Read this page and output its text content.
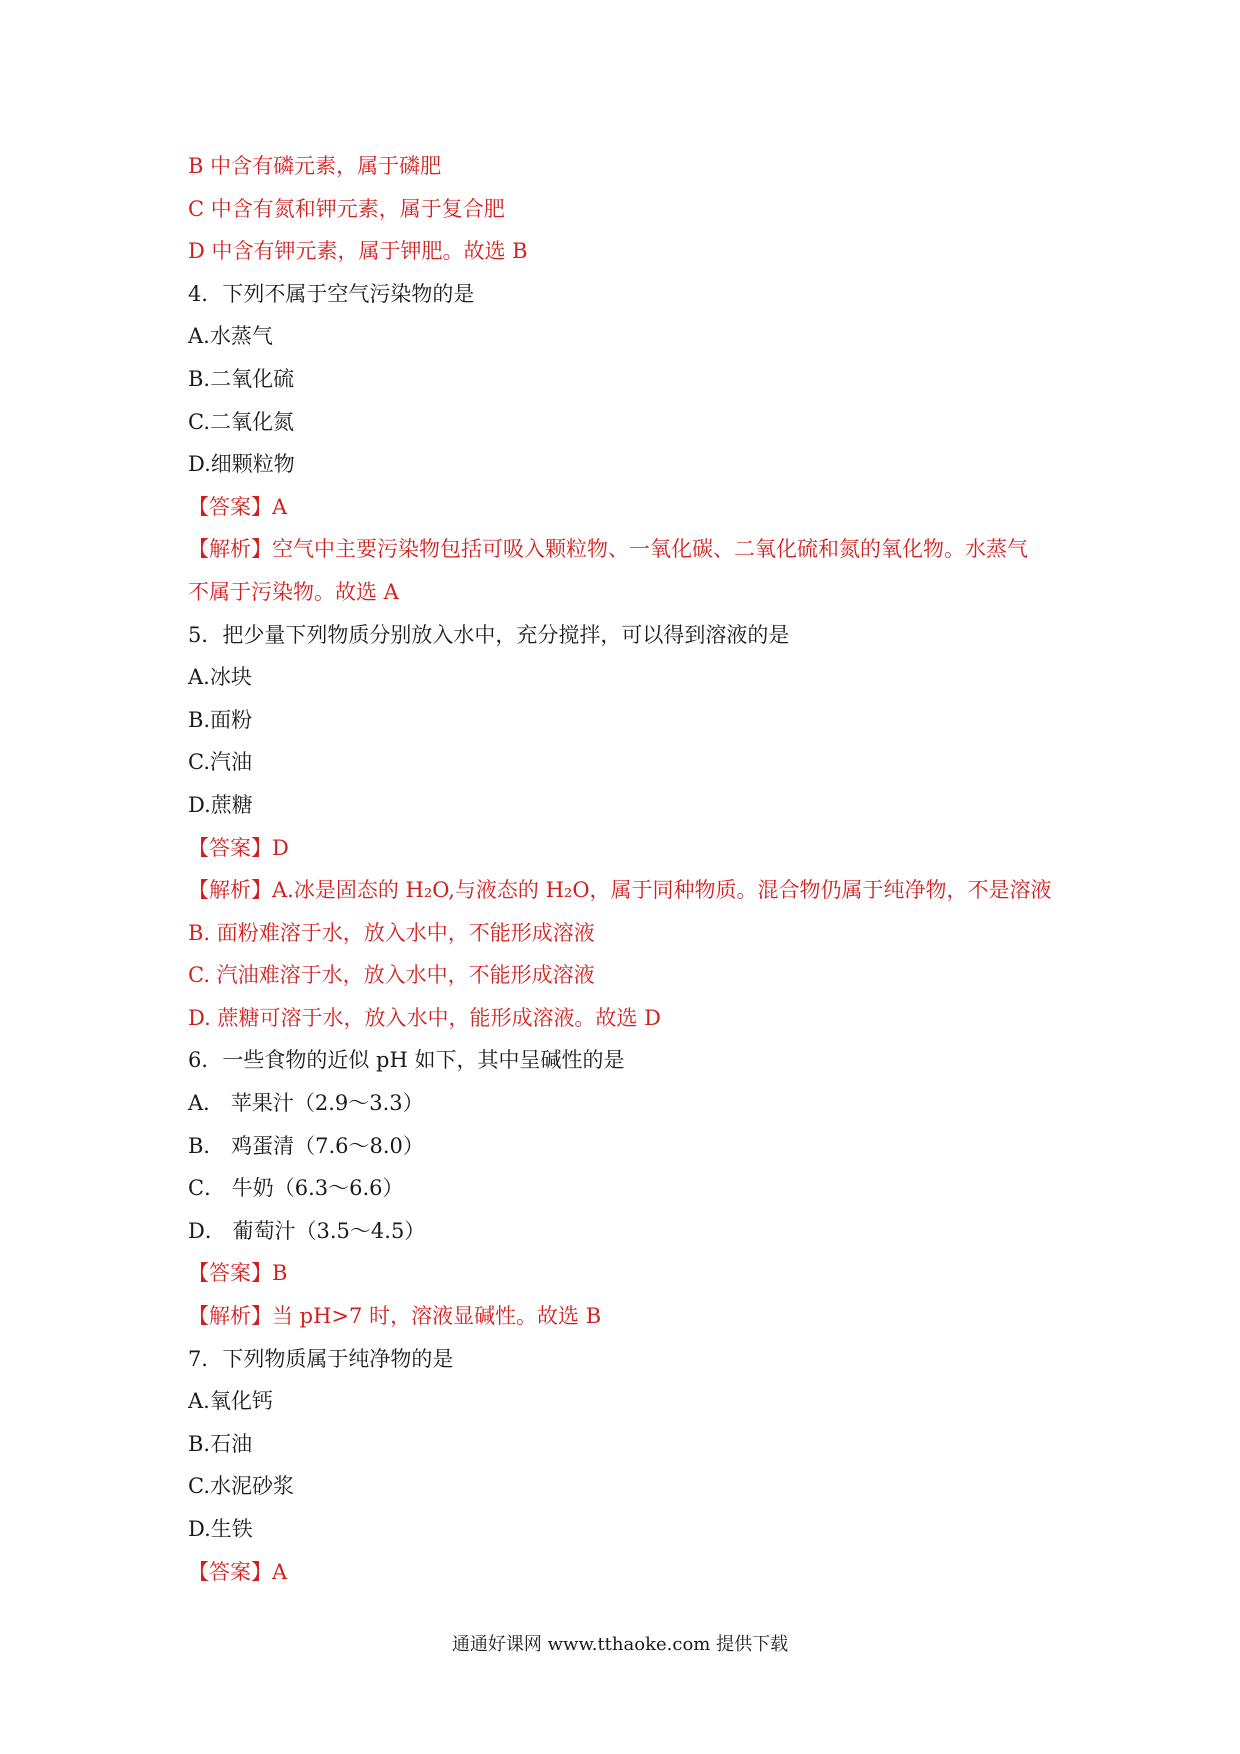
B 中含有磷元素，属于磷肥
C 中含有氮和钾元素，属于复合肥
D 中含有钾元素，属于钾肥。故选 B
4．下列不属于空气污染物的是
A.水蒸气
B.二氧化硫
C.二氧化氮
D.细颗粒物
【答案】A
【解析】空气中主要污染物包括可吸入颗粒物、一氧化碳、二氧化硫和氮的氧化物。水蒸气
不属于污染物。故选 A
5．把少量下列物质分别放入水中，充分搅拌，可以得到溶液的是
A.冰块
B.面粉
C.汽油
D.蔗糖
【答案】D
【解析】A.冰是固态的 H₂O,与液态的 H₂O，属于同种物质。混合物仍属于纯净物，不是溶液
B. 面粉难溶于水，放入水中，不能形成溶液
C. 汽油难溶于水，放入水中，不能形成溶液
D. 蔗糖可溶于水，放入水中，能形成溶液。故选 D
6．一些食物的近似 pH 如下，其中呈碱性的是
A． 苹果汁（2.9～3.3）
B． 鸡蛋清（7.6～8.0）
C． 牛奶（6.3～6.6）
D． 葡萄汁（3.5～4.5）
【答案】B
【解析】当 pH>7 时，溶液显碱性。故选 B
7．下列物质属于纯净物的是
A.氧化钙
B.石油
C.水泥砂浆
D.生铁
【答案】A
通通好课网 www.tthaoke.com 提供下载
